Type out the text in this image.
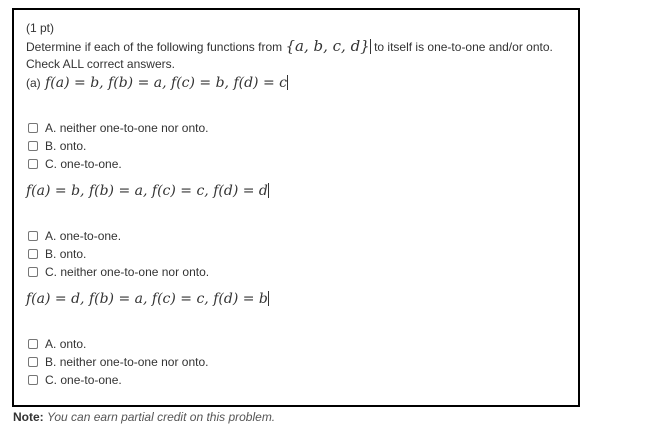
(1 pt)
Determine if each of the following functions from {a, b, c, d} to itself is one-to-one and/or onto.
Check ALL correct answers.
(a) f(a) = b, f(b) = a, f(c) = b, f(d) = c
A.
neither one-to-one nor onto.
B.
onto.
C.
one-to-one.
f(a) = b, f(b) = a, f(c) = c, f(d) = d
A.
one-to-one.
B.
onto.
C.
neither one-to-one nor onto.
f(a) = d, f(b) = a, f(c) = c, f(d) = b
A.
onto.
B.
neither one-to-one nor onto.
C.
one-to-one.
Note: You can earn partial credit on this problem.
